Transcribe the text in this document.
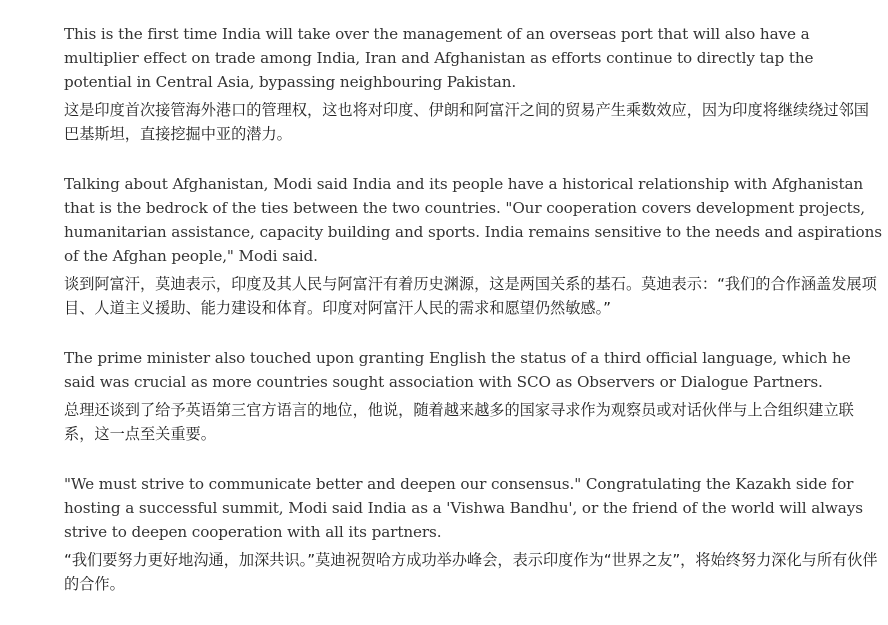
This is the first time India will take over the management of an overseas port that will also have a multiplier effect on trade among India, Iran and Afghanistan as efforts continue to directly tap the potential in Central Asia, bypassing neighbouring Pakistan.

这是印度首次接管海外港口的管理权，这也将对印度、伊朗和阿富汗之间的贸易产生乘数效应，因为印度将继续绕过邻国巴基斯坦，直接挖掘中亚的潜力。

Talking about Afghanistan, Modi said India and its people have a historical relationship with Afghanistan that is the bedrock of the ties between the two countries. "Our cooperation covers development projects, humanitarian assistance, capacity building and sports. India remains sensitive to the needs and aspirations of the Afghan people," Modi said.

谈到阿富汗，莫迪表示，印度及其人民与阿富汗有着历史渊源，这是两国关系的基石。莫迪表示：“我们的合作涵盖发展项目、人道主义援助、能力建设和体育。印度对阿富汗人民的需求和愿望仍然敏感。”

The prime minister also touched upon granting English the status of a third official language, which he said was crucial as more countries sought association with SCO as Observers or Dialogue Partners.

总理还谈到了给予英语第三官方语言的地位，他说，随着越来越多的国家寻求作为观察员或对话伙伴与上合组织建立联系，这一点至关重要。

"We must strive to communicate better and deepen our consensus." Congratulating the Kazakh side for hosting a successful summit, Modi said India as a 'Vishwa Bandhu', or the friend of the world will always strive to deepen cooperation with all its partners.

“我们要努力更好地沟通，加深共识。”莫迪祝贺哈方成功举办峰会，表示印度作为“世界之友”，将始终努力深化与所有伙伴的合作。
